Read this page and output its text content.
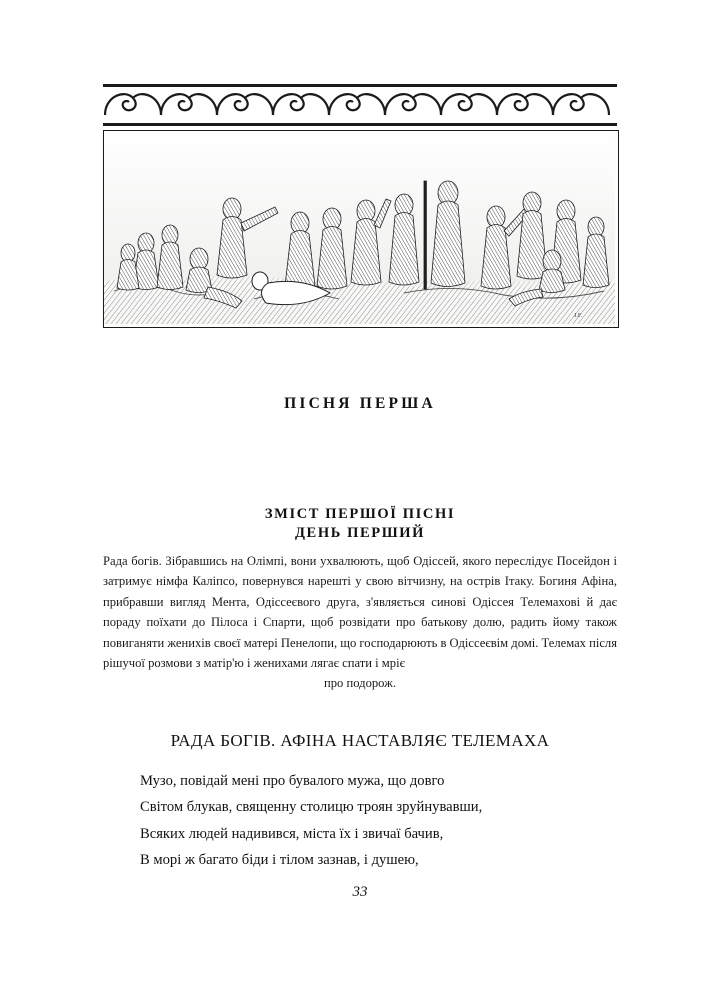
J.F.
ПІСНЯ ПЕРША
ЗМІСТ ПЕРШОЇ ПІСНІ
ДЕНЬ ПЕРШИЙ
Рада богів. Зібравшись на Олімпі, вони ухвалюють, щоб Одіссей, якого переслідує Посейдон і затримує німфа Каліпсо, повернувся нарешті у свою вітчизну, на острів Ітаку. Богиня Афіна, прибравши вигляд Ментa, Одіссеєвого друга, з'являється синові Одіссея Телемахові й дає пораду поїхати до Пілоса і Спарти, щоб розвідати про батькову долю, радить йому також повиганяти женихів своєї матері Пенелопи, що господарюють в Одіссеєвім домі. Телемах після рішучої розмови з матір'ю і женихами лягає спати і мріє
про подорож.
РАДА БОГІВ. АФІНА НАСТАВЛЯЄ ТЕЛЕМАХА
Музо, повідай мені про бувалого мужа, що довго
Світом блукав, священну столицю троян зруйнувавши,
Всяких людей надивився, міста їх і звичаї бачив,
В морі ж багато біди і тілом зазнав, і душею,
33
